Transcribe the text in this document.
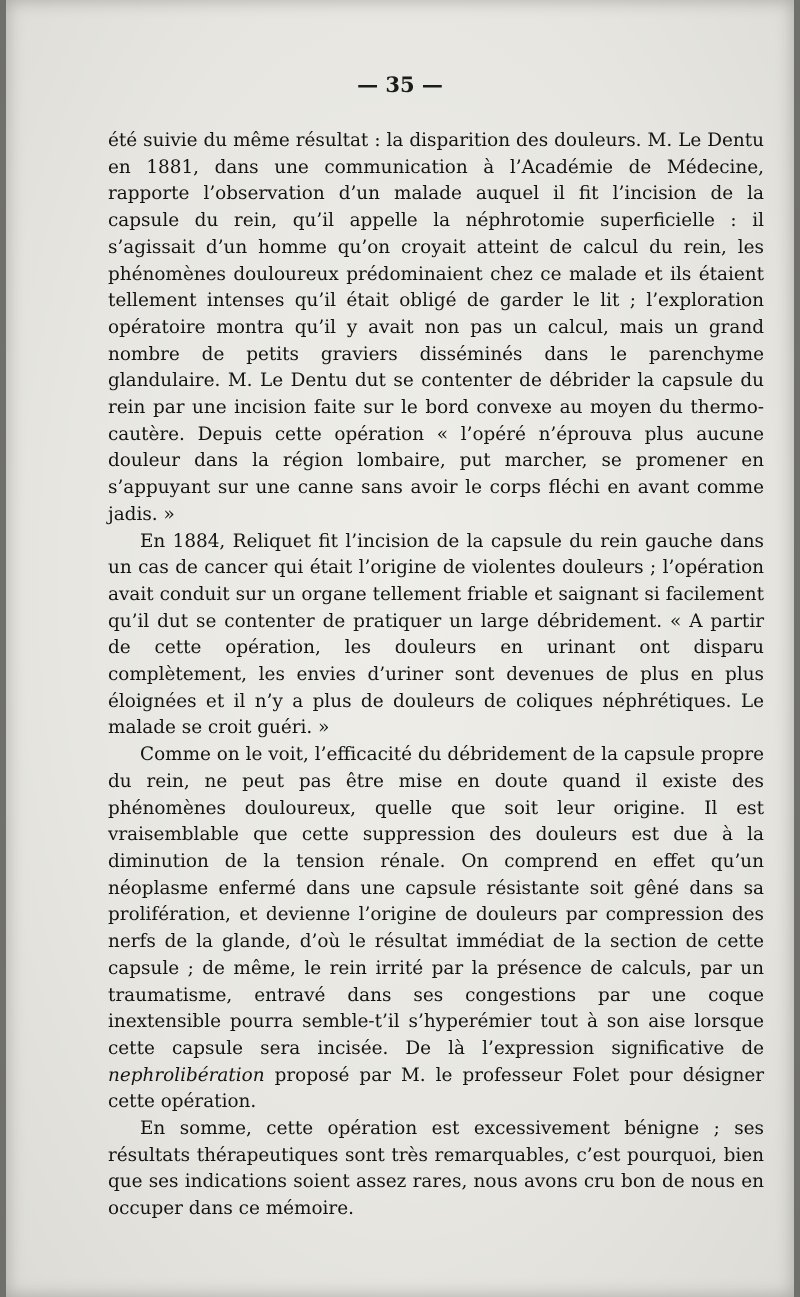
— 35 —

été suivie du même résultat : la disparition des douleurs. M. Le Dentu en 1881, dans une communication à l’Académie de Médecine, rapporte l’observation d’un malade auquel il fit l’incision de la capsule du rein, qu’il appelle la néphrotomie superficielle : il s’agissait d’un homme qu’on croyait atteint de calcul du rein, les phénomènes douloureux prédominaient chez ce malade et ils étaient tellement intenses qu’il était obligé de garder le lit ; l’exploration opératoire montra qu’il y avait non pas un calcul, mais un grand nombre de petits graviers disséminés dans le parenchyme glandulaire. M. Le Dentu dut se contenter de débrider la capsule du rein par une incision faite sur le bord convexe au moyen du thermo-cautère. Depuis cette opération « l’opéré n’éprouva plus aucune douleur dans la région lombaire, put marcher, se promener en s’appuyant sur une canne sans avoir le corps fléchi en avant comme jadis. »

En 1884, Reliquet fit l’incision de la capsule du rein gauche dans un cas de cancer qui était l’origine de violentes douleurs ; l’opération avait conduit sur un organe tellement friable et saignant si facilement qu’il dut se contenter de pratiquer un large débridement. « A partir de cette opération, les douleurs en urinant ont disparu complètement, les envies d’uriner sont devenues de plus en plus éloignées et il n’y a plus de douleurs de coliques néphrétiques. Le malade se croit guéri. »

Comme on le voit, l’efficacité du débridement de la capsule propre du rein, ne peut pas être mise en doute quand il existe des phénomènes douloureux, quelle que soit leur origine. Il est vraisemblable que cette suppression des douleurs est due à la diminution de la tension rénale. On comprend en effet qu’un néoplasme enfermé dans une capsule résistante soit gêné dans sa prolifération, et devienne l’origine de douleurs par compression des nerfs de la glande, d’où le résultat immédiat de la section de cette capsule ; de même, le rein irrité par la présence de calculs, par un traumatisme, entravé dans ses congestions par une coque inextensible pourra semble-t’il s’hyperémier tout à son aise lorsque cette capsule sera incisée. De là l’expression significative de nephrolibération proposé par M. le professeur Folet pour désigner cette opération.

En somme, cette opération est excessivement bénigne ; ses résultats thérapeutiques sont très remarquables, c’est pourquoi, bien que ses indications soient assez rares, nous avons cru bon de nous en occuper dans ce mémoire.
